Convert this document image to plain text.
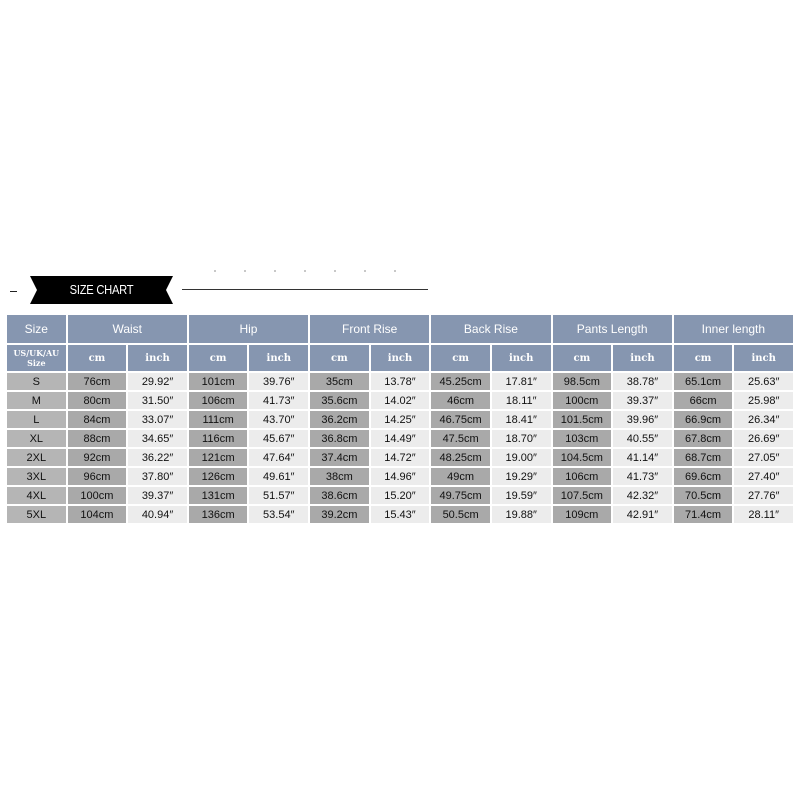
SIZE CHART
Size	Waist		Hip		Front Rise		Back Rise		Pants Length		Inner length	
US/UK/AU Size	cm	inch	cm	inch	cm	inch	cm	inch	cm	inch	cm	inch
S	76cm	29.92″	101cm	39.76″	35cm	13.78″	45.25cm	17.81″	98.5cm	38.78″	65.1cm	25.63″
M	80cm	31.50″	106cm	41.73″	35.6cm	14.02″	46cm	18.11″	100cm	39.37″	66cm	25.98″
L	84cm	33.07″	111cm	43.70″	36.2cm	14.25″	46.75cm	18.41″	101.5cm	39.96″	66.9cm	26.34″
XL	88cm	34.65″	116cm	45.67″	36.8cm	14.49″	47.5cm	18.70″	103cm	40.55″	67.8cm	26.69″
2XL	92cm	36.22″	121cm	47.64″	37.4cm	14.72″	48.25cm	19.00″	104.5cm	41.14″	68.7cm	27.05″
3XL	96cm	37.80″	126cm	49.61″	38cm	14.96″	49cm	19.29″	106cm	41.73″	69.6cm	27.40″
4XL	100cm	39.37″	131cm	51.57″	38.6cm	15.20″	49.75cm	19.59″	107.5cm	42.32″	70.5cm	27.76″
5XL	104cm	40.94″	136cm	53.54″	39.2cm	15.43″	50.5cm	19.88″	109cm	42.91″	71.4cm	28.11″
